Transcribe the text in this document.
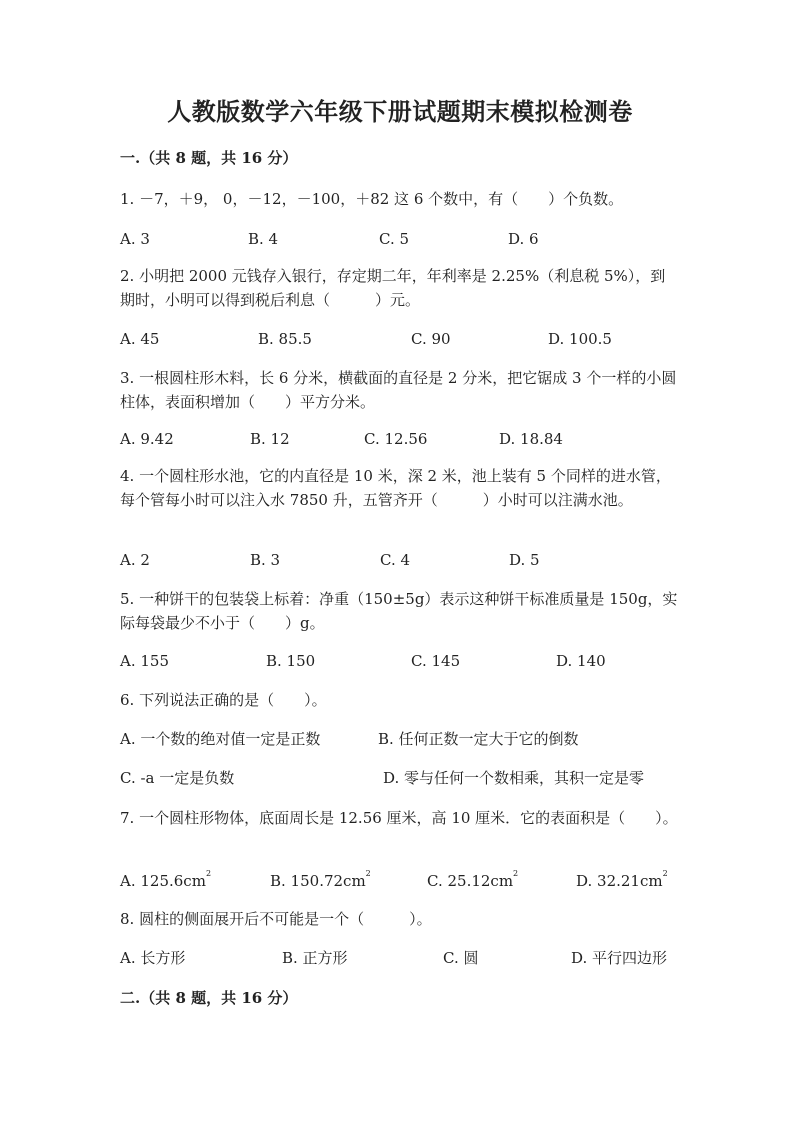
人教版数学六年级下册试题期末模拟检测卷
一.（共 8 题，共 16 分）
1. －7，＋9， 0，－12，－100，＋82 这 6 个数中，有（　　）个负数。
A. 3	B. 4	C. 5	D. 6
2. 小明把 2000 元钱存入银行，存定期二年，年利率是 2.25%（利息税 5%），到期时，小明可以得到税后利息（　　　）元。
A. 45	B. 85.5	C. 90	D. 100.5
3. 一根圆柱形木料，长 6 分米，横截面的直径是 2 分米，把它锯成 3 个一样的小圆柱体，表面积增加（　　）平方分米。
A. 9.42	B. 12	C. 12.56	D. 18.84
4. 一个圆柱形水池，它的内直径是 10 米，深 2 米，池上装有 5 个同样的进水管，每个管每小时可以注入水 7850 升，五管齐开（　　　）小时可以注满水池。
A. 2	B. 3	C. 4	D. 5
5. 一种饼干的包装袋上标着：净重（150±5g）表示这种饼干标准质量是 150g，实际每袋最少不小于（　　）g。
A. 155	B. 150	C. 145	D. 140
6. 下列说法正确的是（　　）。
A. 一个数的绝对值一定是正数	B. 任何正数一定大于它的倒数
C. -a 一定是负数	D. 零与任何一个数相乘，其积一定是零
7. 一个圆柱形物体，底面周长是 12.56 厘米，高 10 厘米．它的表面积是（　　）。
A. $125.6cm^2$	B. $150.72cm^2$	C. $25.12cm^2$	D. $32.21cm^2$
8. 圆柱的侧面展开后不可能是一个（　　　）。
A. 长方形	B. 正方形	C. 圆	D. 平行四边形
二.（共 8 题，共 16 分）
